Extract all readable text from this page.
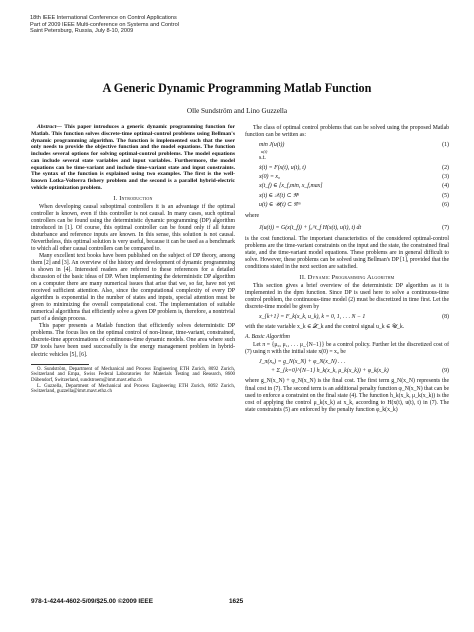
18th IEEE International Conference on Control Applications
Part of 2009 IEEE Multi-conference on Systems and Control
Saint Petersburg, Russia, July 8-10, 2009
A Generic Dynamic Programming Matlab Function
Olle Sundström and Lino Guzzella
Abstract— This paper introduces a generic dynamic programming function for Matlab. This function solves discrete-time optimal-control problems using Bellman's dynamic programming algorithm. The function is implemented such that the user only needs to provide the objective function and the model equations. The function includes several options for solving optimal-control problems. The model equations can include several state variables and input variables. Furthermore, the model equations can be time-variant and include time-variant state and input constraints. The syntax of the function is explained using two examples. The first is the well-known Lotka-Volterra fishery problem and the second is a parallel hybrid-electric vehicle optimization problem.
I. Introduction

When developing causal suboptimal controllers it is an advantage if the optimal controller is known, even if this controller is not causal. In many cases, such optimal controllers can be found using the deterministic dynamic programming (DP) algorithm introduced in [1]. Of course, this optimal controller can be found only if all future disturbance and reference inputs are known. In this sense, this solution is not causal. Nevertheless, this optimal solution is very useful, because it can be used as a benchmark to which all other causal controllers can be compared to.

Many excellent text books have been published on the subject of DP theory, among them [2] and [3]. An overview of the history and development of dynamic programming is shown in [4]. Interested readers are referred to these references for a detailed discussion of the basic ideas of DP. When implementing the deterministic DP algorithm on a computer there are many numerical issues that arise that we, so far, have not yet received sufficient attention. Also, since the computational complexity of every DP algorithm is exponential in the number of states and inputs, special attention must be given to minimizing the overall computational cost. The implementation of suitable numerical algorithms that efficiently solve a given DP problem is, therefore, a nontrivial part of a design process.

This paper presents a Matlab function that efficiently solves deterministic DP problems. The focus lies on the optimal control of non-linear, time-variant, constrained, discrete-time approximations of continuous-time dynamic models. One area where such DP tools have been used successfully is the energy management problem in hybrid-electric vehicles [5], [6].

O. Sundström, Department of Mechanical and Process Engineering ETH Zurich, 8092 Zurich, Switzerland and Empa, Swiss Federal Laboratories for Materials Testing and Research, 8600 Dübendorf, Switzerland, sundstroem@imrt.mavt.ethz.ch
L. Guzzella, Department of Mechanical and Process Engineering ETH Zurich, 8092 Zurich, Switzerland, guzzella@imrt.mavt.ethz.ch

The class of optimal control problems that can be solved using the proposed Matlab function can be written as:

min J(u(t))	(1)
u(t)
s.t.
ẋ(t) = F(x(t), u(t), t)	(2)
x(0) = x₀	(3)
x(t_f) ∈ [x_f,min, x_f,max]	(4)
x(t) ∈ 𝒳(t) ⊂ ℜⁿ	(5)
u(t) ∈ 𝒰(t) ⊂ ℜᵐ	(6)

where

J(u(t)) = G(x(t_f)) + ∫₀^t_f H(x(t), u(t), t) dt	(7)

is the cost functional. The important characteristics of the considered optimal-control problems are the time-variant constraints on the input and the state, the constrained final state, and the time-variant model equations. These problems are in general difficult to solve. However, these problems can be solved using Bellman's DP [1], provided that the conditions stated in the next section are satisfied.

II. Dynamic Programming Algorithm

This section gives a brief overview of the deterministic DP algorithm as it is implemented in the dpm function. Since DP is used here to solve a continuous-time control problem, the continuous-time model (2) must be discretized in time first. Let the discrete-time model be given by

x_{k+1} = F_k(x_k, u_k), k = 0, 1, . . . N − 1	(8)

with the state variable x_k ∈ 𝒳_k and the control signal u_k ∈ 𝒰_k.

A. Basic Algorithm

Let π = {μ₀, μ₁, . . . μ_{N−1}} be a control policy. Further let the discretized cost of (7) using π with the initial state x(0) = x₀ be

J_π(x₀) = g_N(x_N) + φ_N(x_N) . . .
+ Σ_{k=0}^{N−1} h_k(x_k, μ_k(x_k)) + φ_k(x_k)	(9)

where g_N(x_N) + φ_N(x_N) is the final cost. The first term g_N(x_N) represents the final cost in (7). The second term is an additional penalty function φ_N(x_N) that can be used to enforce a constraint on the final state (4). The function h_k(x_k, μ_k(x_k)) is the cost of applying the control μ_k(x_k) at x_k, according to H(x(t), u(t), t) in (7). The state constraints (5) are enforced by the penalty function φ_k(x_k)

978-1-4244-4602-5/09/$25.00 ©2009 IEEE	1625
